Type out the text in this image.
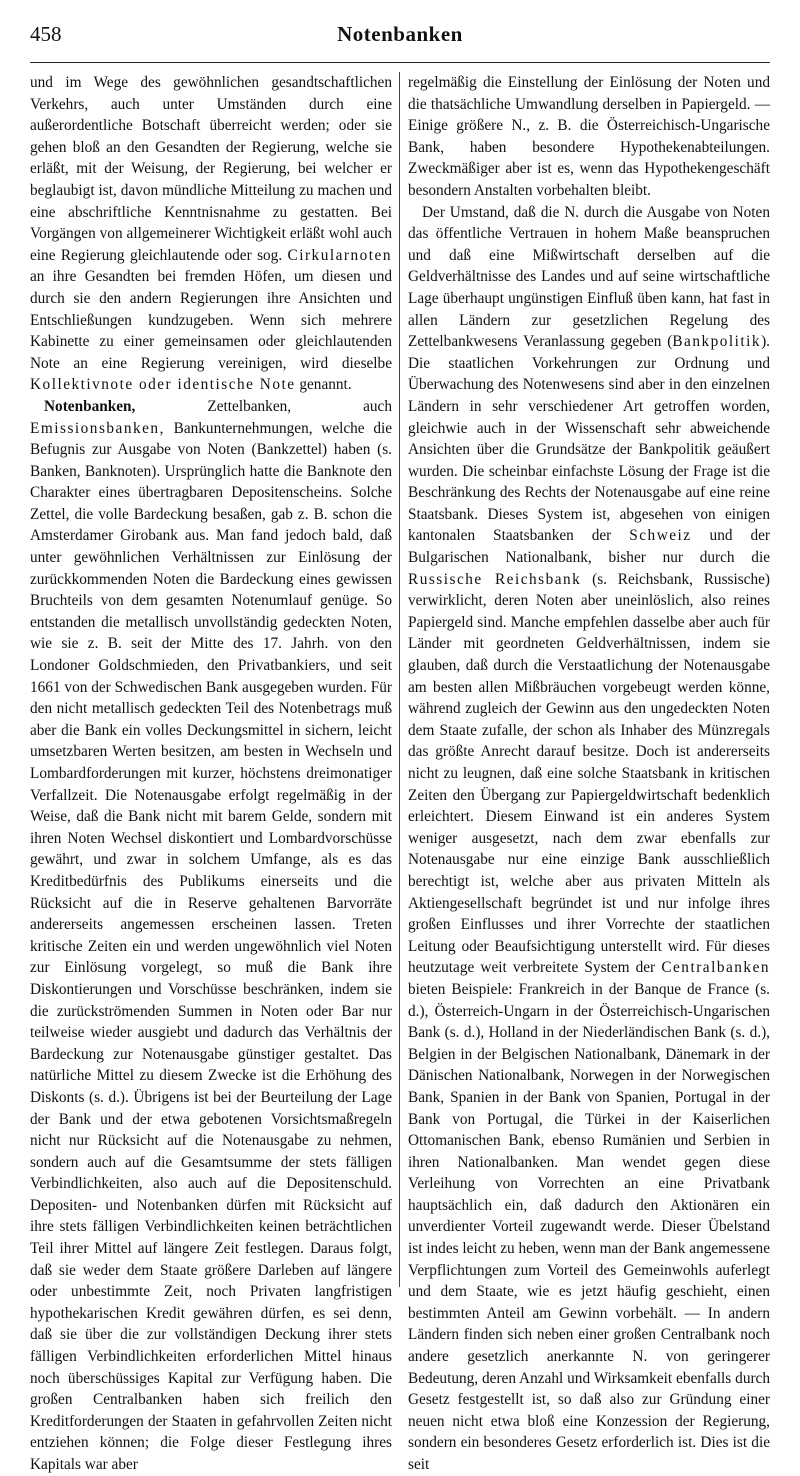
458	Notenbanken

und im Wege des gewöhnlichen gesandtschaftlichen Verkehrs, auch unter Umständen durch eine außerordentliche Botschaft überreicht werden; oder sie gehen bloß an den Gesandten der Regierung, welche sie erläßt, mit der Weisung, der Regierung, bei welcher er beglaubigt ist, davon mündliche Mitteilung zu machen und eine abschriftliche Kenntnisnahme zu gestatten. Bei Vorgängen von allgemeinerer Wichtigkeit erläßt wohl auch eine Regierung gleichlautende oder sog. Cirkularnoten an ihre Gesandten bei fremden Höfen, um diesen und durch sie den andern Regierungen ihre Ansichten und Entschließungen kundzugeben. Wenn sich mehrere Kabinette zu einer gemeinsamen oder gleichlautenden Note an eine Regierung vereinigen, wird dieselbe Kollektivnote oder identische Note genannt.

Notenbanken,	Zettelbanken, auch Emissionsbanken, Bankunternehmungen, welche die Befugnis zur Ausgabe von Noten (Bankzettel) haben (s. Banken, Banknoten). Ursprünglich hatte die Banknote den Charakter eines übertragbaren Depositenscheins. Solche Zettel, die volle Bardeckung besaßen, gab z. B. schon die Amsterdamer Girobank aus. Man fand jedoch bald, daß unter gewöhnlichen Verhältnissen zur Einlösung der zurückkommenden Noten die Bardeckung eines gewissen Bruchteils von dem gesamten Notenumlauf genüge. So entstanden die metallisch unvollständig gedeckten Noten, wie sie z. B. seit der Mitte des 17. Jahrh. von den Londoner Goldschmieden, den Privatbankiers, und seit 1661 von der Schwedischen Bank ausgegeben wurden. Für den nicht metallisch gedeckten Teil des Notenbetrags muß aber die Bank ein volles Deckungsmittel in sichern, leicht umsetzbaren Werten besitzen, am besten in Wechseln und Lombardforderungen mit kurzer, höchstens dreimonatiger Verfallzeit. Die Notenausgabe erfolgt regelmäßig in der Weise, daß die Bank nicht mit barem Gelde, sondern mit ihren Noten Wechsel diskontiert und Lombardvorschüsse gewährt, und zwar in solchem Umfange, als es das Kreditbedürfnis des Publikums einerseits und die Rücksicht auf die in Reserve gehaltenen Barvorräte andererseits angemessen erscheinen lassen. Treten kritische Zeiten ein und werden ungewöhnlich viel Noten zur Einlösung vorgelegt, so muß die Bank ihre Diskontierungen und Vorschüsse beschränken, indem sie die zurückströmenden Summen in Noten oder Bar nur teilweise wieder ausgiebt und dadurch das Verhältnis der Bardeckung zur Notenausgabe günstiger gestaltet. Das natürliche Mittel zu diesem Zwecke ist die Erhöhung des Diskonts (s. d.). Übrigens ist bei der Beurteilung der Lage der Bank und der etwa gebotenen Vorsichtsmaßregeln nicht nur Rücksicht auf die Notenausgabe zu nehmen, sondern auch auf die Gesamtsumme der stets fälligen Verbindlichkeiten, also auch auf die Depositenschuld. Depositen- und Notenbanken dürfen mit Rücksicht auf ihre stets fälligen Verbindlichkeiten keinen beträchtlichen Teil ihrer Mittel auf längere Zeit festlegen. Daraus folgt, daß sie weder dem Staate größere Darleben auf längere oder unbestimmte Zeit, noch Privaten langfristigen hypothekarischen Kredit gewähren dürfen, es sei denn, daß sie über die zur vollständigen Deckung ihrer stets fälligen Verbindlichkeiten erforderlichen Mittel hinaus noch überschüssiges Kapital zur Verfügung haben. Die großen Centralbanken haben sich freilich den Kreditforderungen der Staaten in gefahrvollen Zeiten nicht entziehen können; die Folge dieser Festlegung ihres Kapitals war aber

regelmäßig die Einstellung der Einlösung der Noten und die thatsächliche Umwandlung derselben in Papiergeld. — Einige größere N., z. B. die Österreichisch-Ungarische Bank, haben besondere Hypothekenabteilungen. Zweckmäßiger aber ist es, wenn das Hypothekengeschäft besondern Anstalten vorbehalten bleibt.

Der Umstand, daß die N. durch die Ausgabe von Noten das öffentliche Vertrauen in hohem Maße beanspruchen und daß eine Mißwirtschaft derselben auf die Geldverhältnisse des Landes und auf seine wirtschaftliche Lage überhaupt ungünstigen Einfluß üben kann, hat fast in allen Ländern zur gesetzlichen Regelung des Zettelbankwesens Veranlassung gegeben (Bankpolitik). Die staatlichen Vorkehrungen zur Ordnung und Überwachung des Notenwesens sind aber in den einzelnen Ländern in sehr verschiedener Art getroffen worden, gleichwie auch in der Wissenschaft sehr abweichende Ansichten über die Grundsätze der Bankpolitik geäußert wurden. Die scheinbar einfachste Lösung der Frage ist die Beschränkung des Rechts der Notenausgabe auf eine reine Staatsbank. Dieses System ist, abgesehen von einigen kantonalen Staatsbanken der Schweiz und der Bulgarischen Nationalbank, bisher nur durch die Russische Reichsbank (s. Reichsbank, Russische) verwirklicht, deren Noten aber uneinlöslich, also reines Papiergeld sind. Manche empfehlen dasselbe aber auch für Länder mit geordneten Geldverhältnissen, indem sie glauben, daß durch die Verstaatlichung der Notenausgabe am besten allen Mißbräuchen vorgebeugt werden könne, während zugleich der Gewinn aus den ungedeckten Noten dem Staate zufalle, der schon als Inhaber des Münzregals das größte Anrecht darauf besitze. Doch ist andererseits nicht zu leugnen, daß eine solche Staatsbank in kritischen Zeiten den Übergang zur Papiergeldwirtschaft bedenklich erleichtert. Diesem Einwand ist ein anderes System weniger ausgesetzt, nach dem zwar ebenfalls zur Notenausgabe nur eine einzige Bank ausschließlich berechtigt ist, welche aber aus privaten Mitteln als Aktiengesellschaft begründet ist und nur infolge ihres großen Einflusses und ihrer Vorrechte der staatlichen Leitung oder Beaufsichtigung unterstellt wird. Für dieses heutzutage weit verbreitete System der Centralbanken bieten Beispiele: Frankreich in der Banque de France (s. d.), Österreich-Ungarn in der Österreichisch-Ungarischen Bank (s. d.), Holland in der Niederländischen Bank (s. d.), Belgien in der Belgischen Nationalbank, Dänemark in der Dänischen Nationalbank, Norwegen in der Norwegischen Bank, Spanien in der Bank von Spanien, Portugal in der Bank von Portugal, die Türkei in der Kaiserlichen Ottomanischen Bank, ebenso Rumänien und Serbien in ihren Nationalbanken. Man wendet gegen diese Verleihung von Vorrechten an eine Privatbank hauptsächlich ein, daß dadurch den Aktionären ein unverdienter Vorteil zugewandt werde. Dieser Übelstand ist indes leicht zu heben, wenn man der Bank angemessene Verpflichtungen zum Vorteil des Gemeinwohls auferlegt und dem Staate, wie es jetzt häufig geschieht, einen bestimmten Anteil am Gewinn vorbehält. — In andern Ländern finden sich neben einer großen Centralbank noch andere gesetzlich anerkannte N. von geringerer Bedeutung, deren Anzahl und Wirksamkeit ebenfalls durch Gesetz festgestellt ist, so daß also zur Gründung einer neuen nicht etwa bloß eine Konzession der Regierung, sondern ein besonderes Gesetz erforderlich ist. Dies ist die seit
